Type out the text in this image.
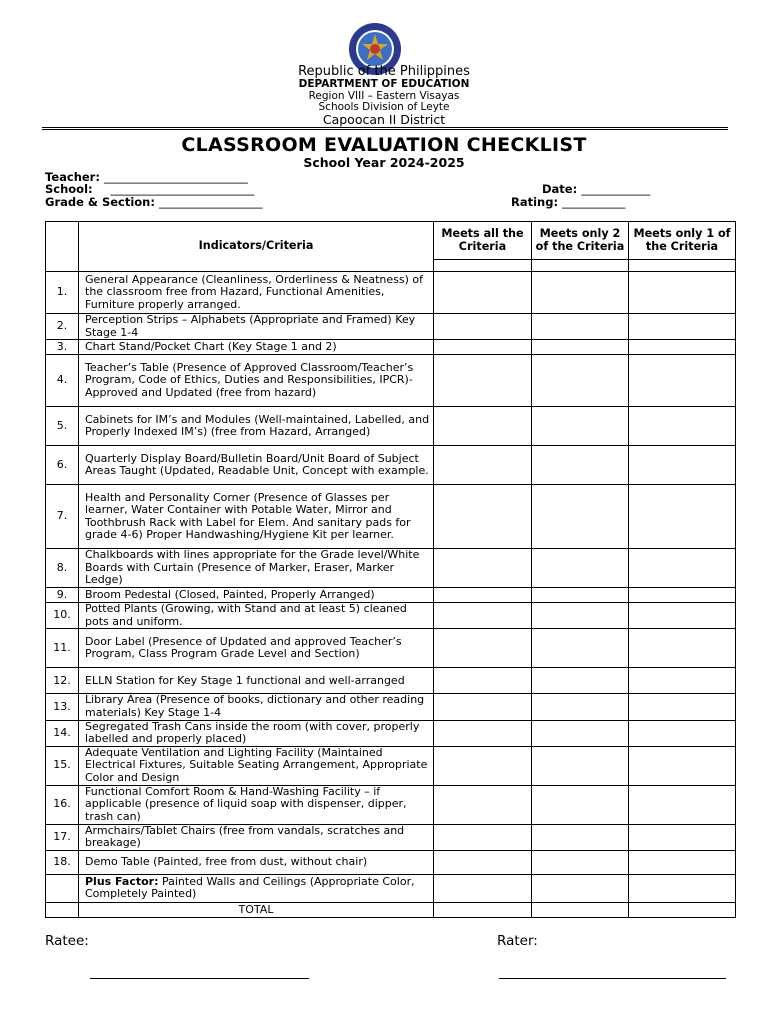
Republic of the Philippines
DEPARTMENT OF EDUCATION
Region VIII – Eastern Visayas
Schools Division of Leyte
Capoocan II District
CLASSROOM EVALUATION CHECKLIST
School Year 2024-2025
Teacher: _________________________
School: _________________________
Grade & Section: __________________
Date: ____________
Rating: ___________
	Indicators/Criteria	Meets all the Criteria	Meets only 2 of the Criteria	Meets only 1 of the Criteria

1.	General Appearance (Cleanliness, Orderliness & Neatness) of the classroom free from Hazard, Functional Amenities, Furniture properly arranged.			
2.	Perception Strips – Alphabets (Appropriate and Framed) Key Stage 1-4			
3.	Chart Stand/Pocket Chart (Key Stage 1 and 2)			
4.	Teacher’s Table (Presence of Approved Classroom/Teacher’s Program, Code of Ethics, Duties and Responsibilities, IPCR)-Approved and Updated (free from hazard)			
5.	Cabinets for IM’s and Modules (Well-maintained, Labelled, and Properly Indexed IM’s) (free from Hazard, Arranged)			
6.	Quarterly Display Board/Bulletin Board/Unit Board of Subject Areas Taught (Updated, Readable Unit, Concept with example.			
7.	Health and Personality Corner (Presence of Glasses per learner, Water Container with Potable Water, Mirror and Toothbrush Rack with Label for Elem. And sanitary pads for grade 4-6) Proper Handwashing/Hygiene Kit per learner.			
8.	Chalkboards with lines appropriate for the Grade level/White Boards with Curtain (Presence of Marker, Eraser, Marker Ledge)			
9.	Broom Pedestal (Closed, Painted, Properly Arranged)			
10.	Potted Plants (Growing, with Stand and at least 5) cleaned pots and uniform.			
11.	Door Label (Presence of Updated and approved Teacher’s Program, Class Program Grade Level and Section)			
12.	ELLN Station for Key Stage 1 functional and well-arranged			
13.	Library Area (Presence of books, dictionary and other reading materials) Key Stage 1-4			
14.	Segregated Trash Cans inside the room (with cover, properly labelled and properly placed)			
15.	Adequate Ventilation and Lighting Facility (Maintained Electrical Fixtures, Suitable Seating Arrangement, Appropriate Color and Design			
16.	Functional Comfort Room & Hand-Washing Facility – if applicable (presence of liquid soap with dispenser, dipper, trash can)			
17.	Armchairs/Tablet Chairs (free from vandals, scratches and breakage)			
18.	Demo Table (Painted, free from dust, without chair)			
	Plus Factor: Painted Walls and Ceilings (Appropriate Color, Completely Painted)			
	TOTAL			
Ratee:	Rater:
